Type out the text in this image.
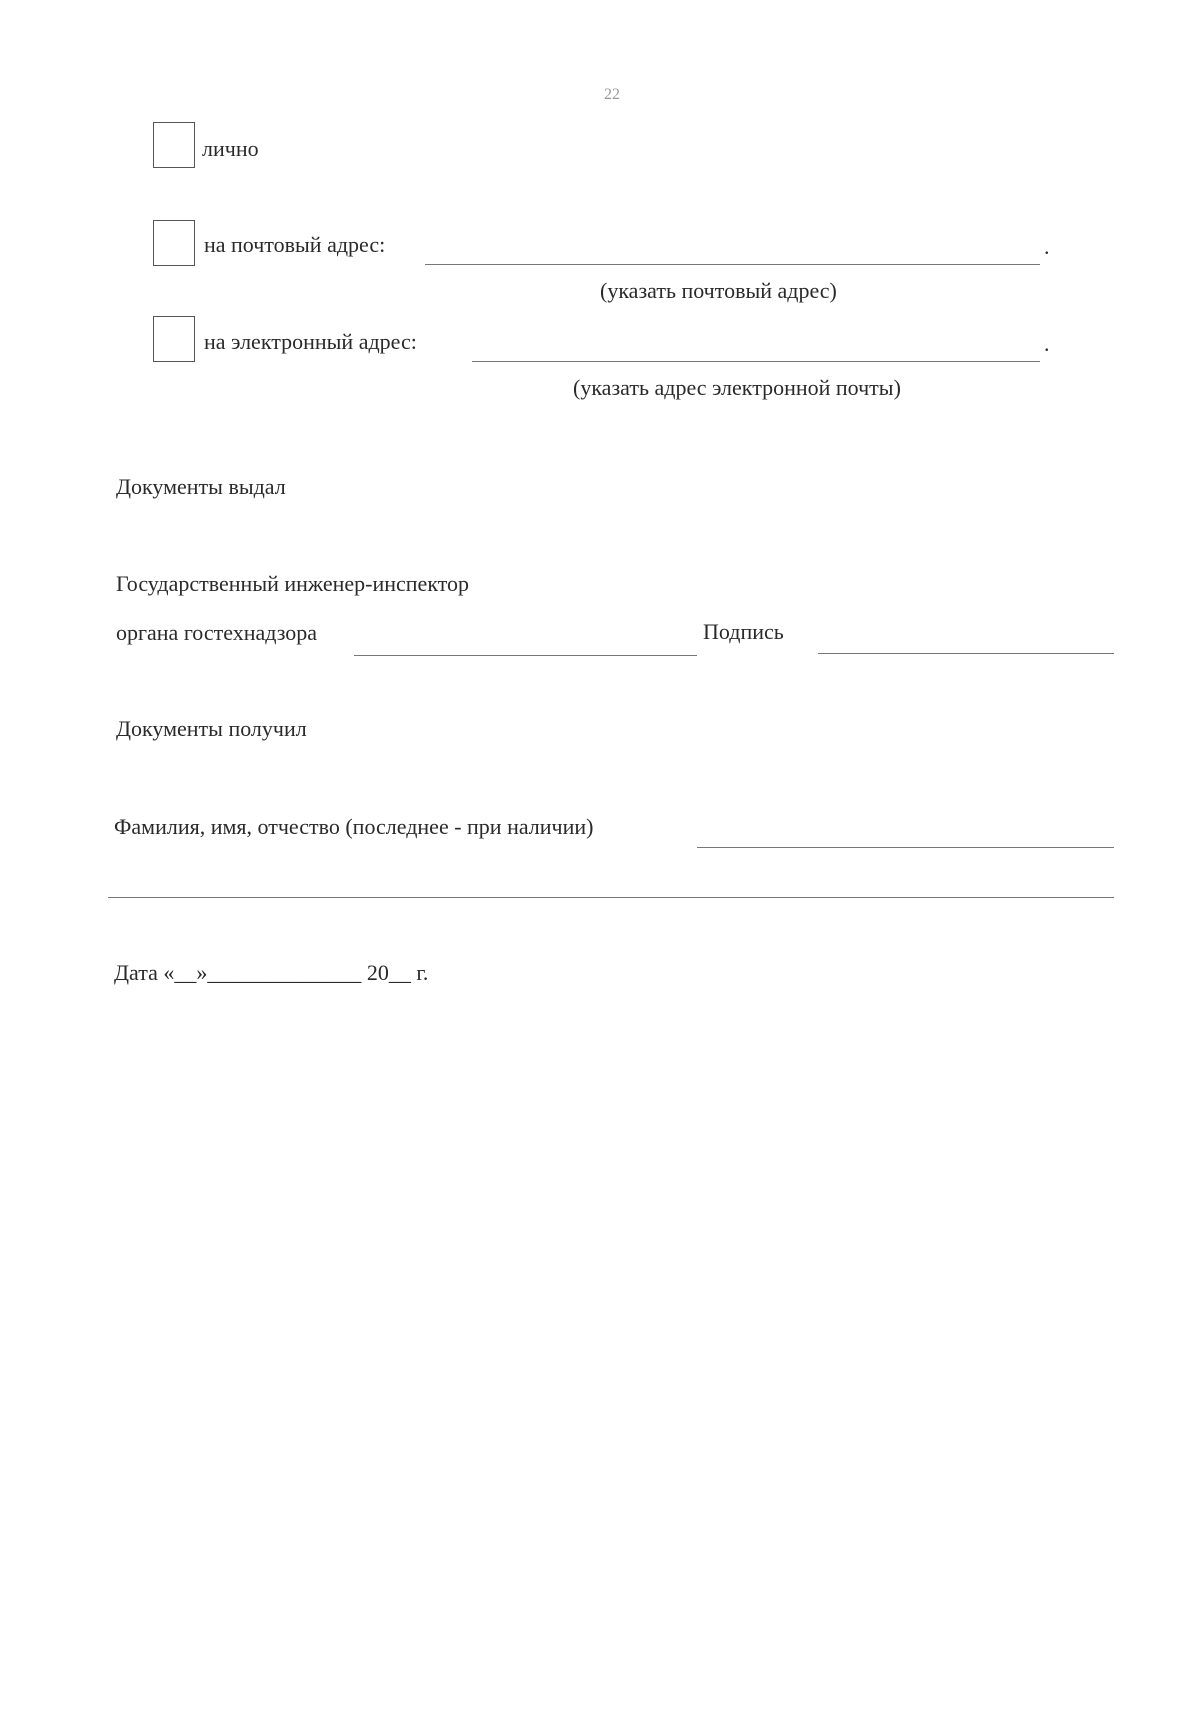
22
лично
на почтовый адрес:	.
(указать почтовый адрес)
на электронный адрес:	.
(указать адрес электронной почты)
Документы выдал
Государственный инженер-инспектор
органа гостехнадзора	Подпись
Документы получил
Фамилия, имя, отчество (последнее - при наличии)
Дата «__»______________ 20__ г.
